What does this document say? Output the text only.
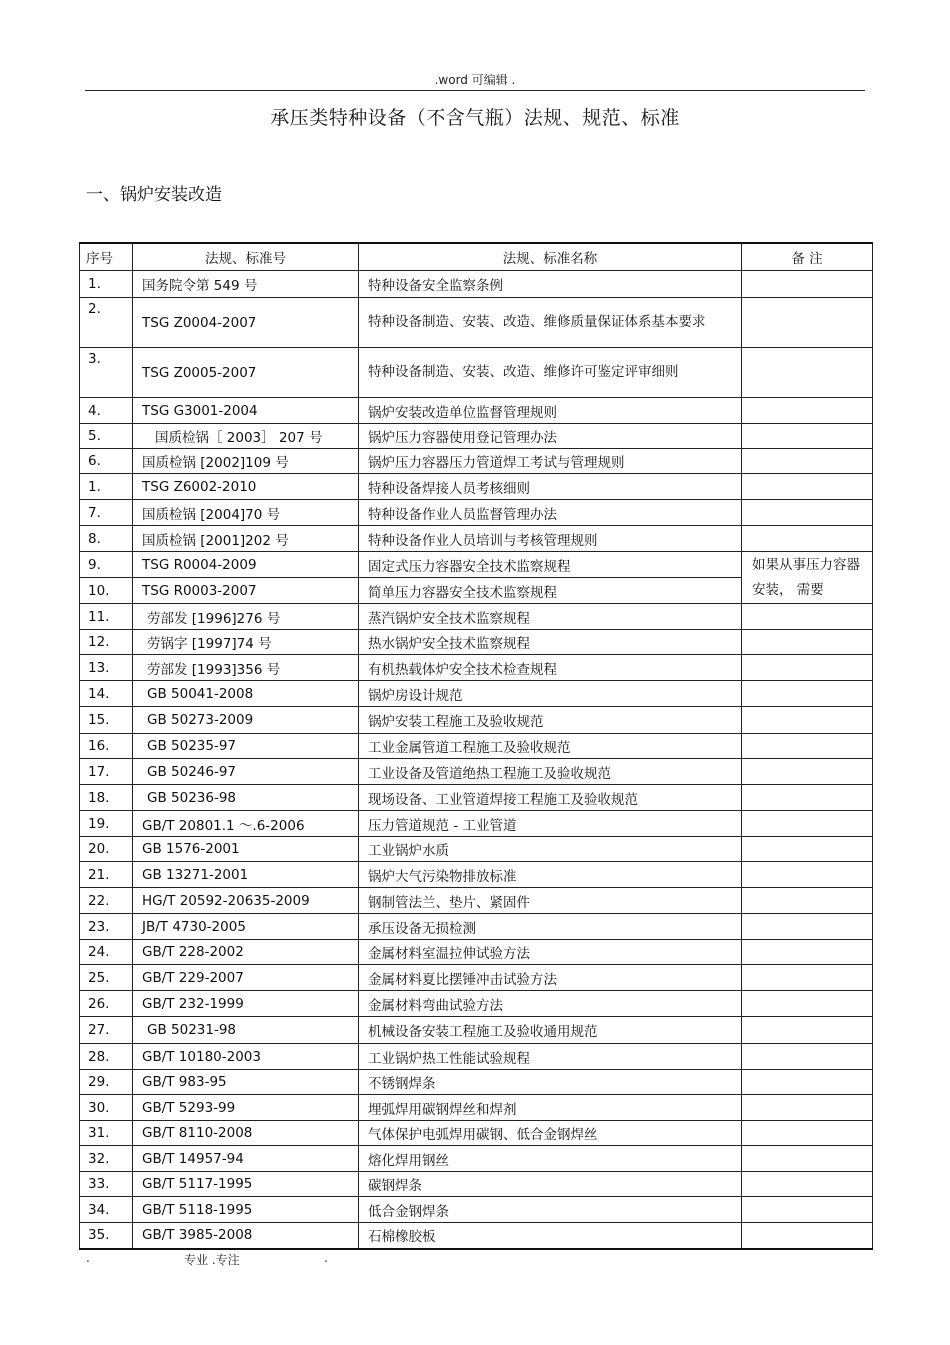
.word 可编辑 .
承压类特种设备（不含气瓶）法规、规范、标准
一、锅炉安装改造
序号	法规、标准号	法规、标准名称	备 注
1.	国务院令第 549 号	特种设备安全监察条例	
2.	TSG Z0004-2007	特种设备制造、安装、改造、维修质量保证体系基本要求	
3.	TSG Z0005-2007	特种设备制造、安装、改造、维修许可鉴定评审细则	
4.	TSG G3001-2004	锅炉安装改造单位监督管理规则	
5.	国质检锅［ 2003］ 207 号	锅炉压力容器使用登记管理办法	
6.	国质检锅 [2002]109 号	锅炉压力容器压力管道焊工考试与管理规则	
1.	TSG Z6002-2010	特种设备焊接人员考核细则	
7.	国质检锅 [2004]70 号	特种设备作业人员监督管理办法	
8.	国质检锅 [2001]202 号	特种设备作业人员培训与考核管理规则	
9.	TSG R0004-2009	固定式压力容器安全技术监察规程	如果从事压力容器安装， 需要
10.	TSG R0003-2007	简单压力容器安全技术监察规程	
11.	劳部发 [1996]276 号	蒸汽锅炉安全技术监察规程	
12.	劳锅字 [1997]74 号	热水锅炉安全技术监察规程	
13.	劳部发 [1993]356 号	有机热载体炉安全技术检查规程	
14.	GB 50041-2008	锅炉房设计规范	
15.	GB 50273-2009	锅炉安装工程施工及验收规范	
16.	GB 50235-97	工业金属管道工程施工及验收规范	
17.	GB 50246-97	工业设备及管道绝热工程施工及验收规范	
18.	GB 50236-98	现场设备、工业管道焊接工程施工及验收规范	
19.	GB/T 20801.1 ～.6-2006	压力管道规范 - 工业管道	
20.	GB 1576-2001	工业锅炉水质	
21.	GB 13271-2001	锅炉大气污染物排放标准	
22.	HG/T 20592-20635-2009	钢制管法兰、垫片、紧固件	
23.	JB/T 4730-2005	承压设备无损检测	
24.	GB/T 228-2002	金属材料室温拉伸试验方法	
25.	GB/T 229-2007	金属材料夏比摆锤冲击试验方法	
26.	GB/T 232-1999	金属材料弯曲试验方法	
27.	GB 50231-98	机械设备安装工程施工及验收通用规范	
28.	GB/T 10180-2003	工业锅炉热工性能试验规程	
29.	GB/T 983-95	不锈钢焊条	
30.	GB/T 5293-99	埋弧焊用碳钢焊丝和焊剂	
31.	GB/T 8110-2008	气体保护电弧焊用碳钢、低合金钢焊丝	
32.	GB/T 14957-94	熔化焊用钢丝	
33.	GB/T 5117-1995	碳钢焊条	
34.	GB/T 5118-1995	低合金钢焊条	
35.	GB/T 3985-2008	石棉橡胶板	
.	专业 .专注	.
